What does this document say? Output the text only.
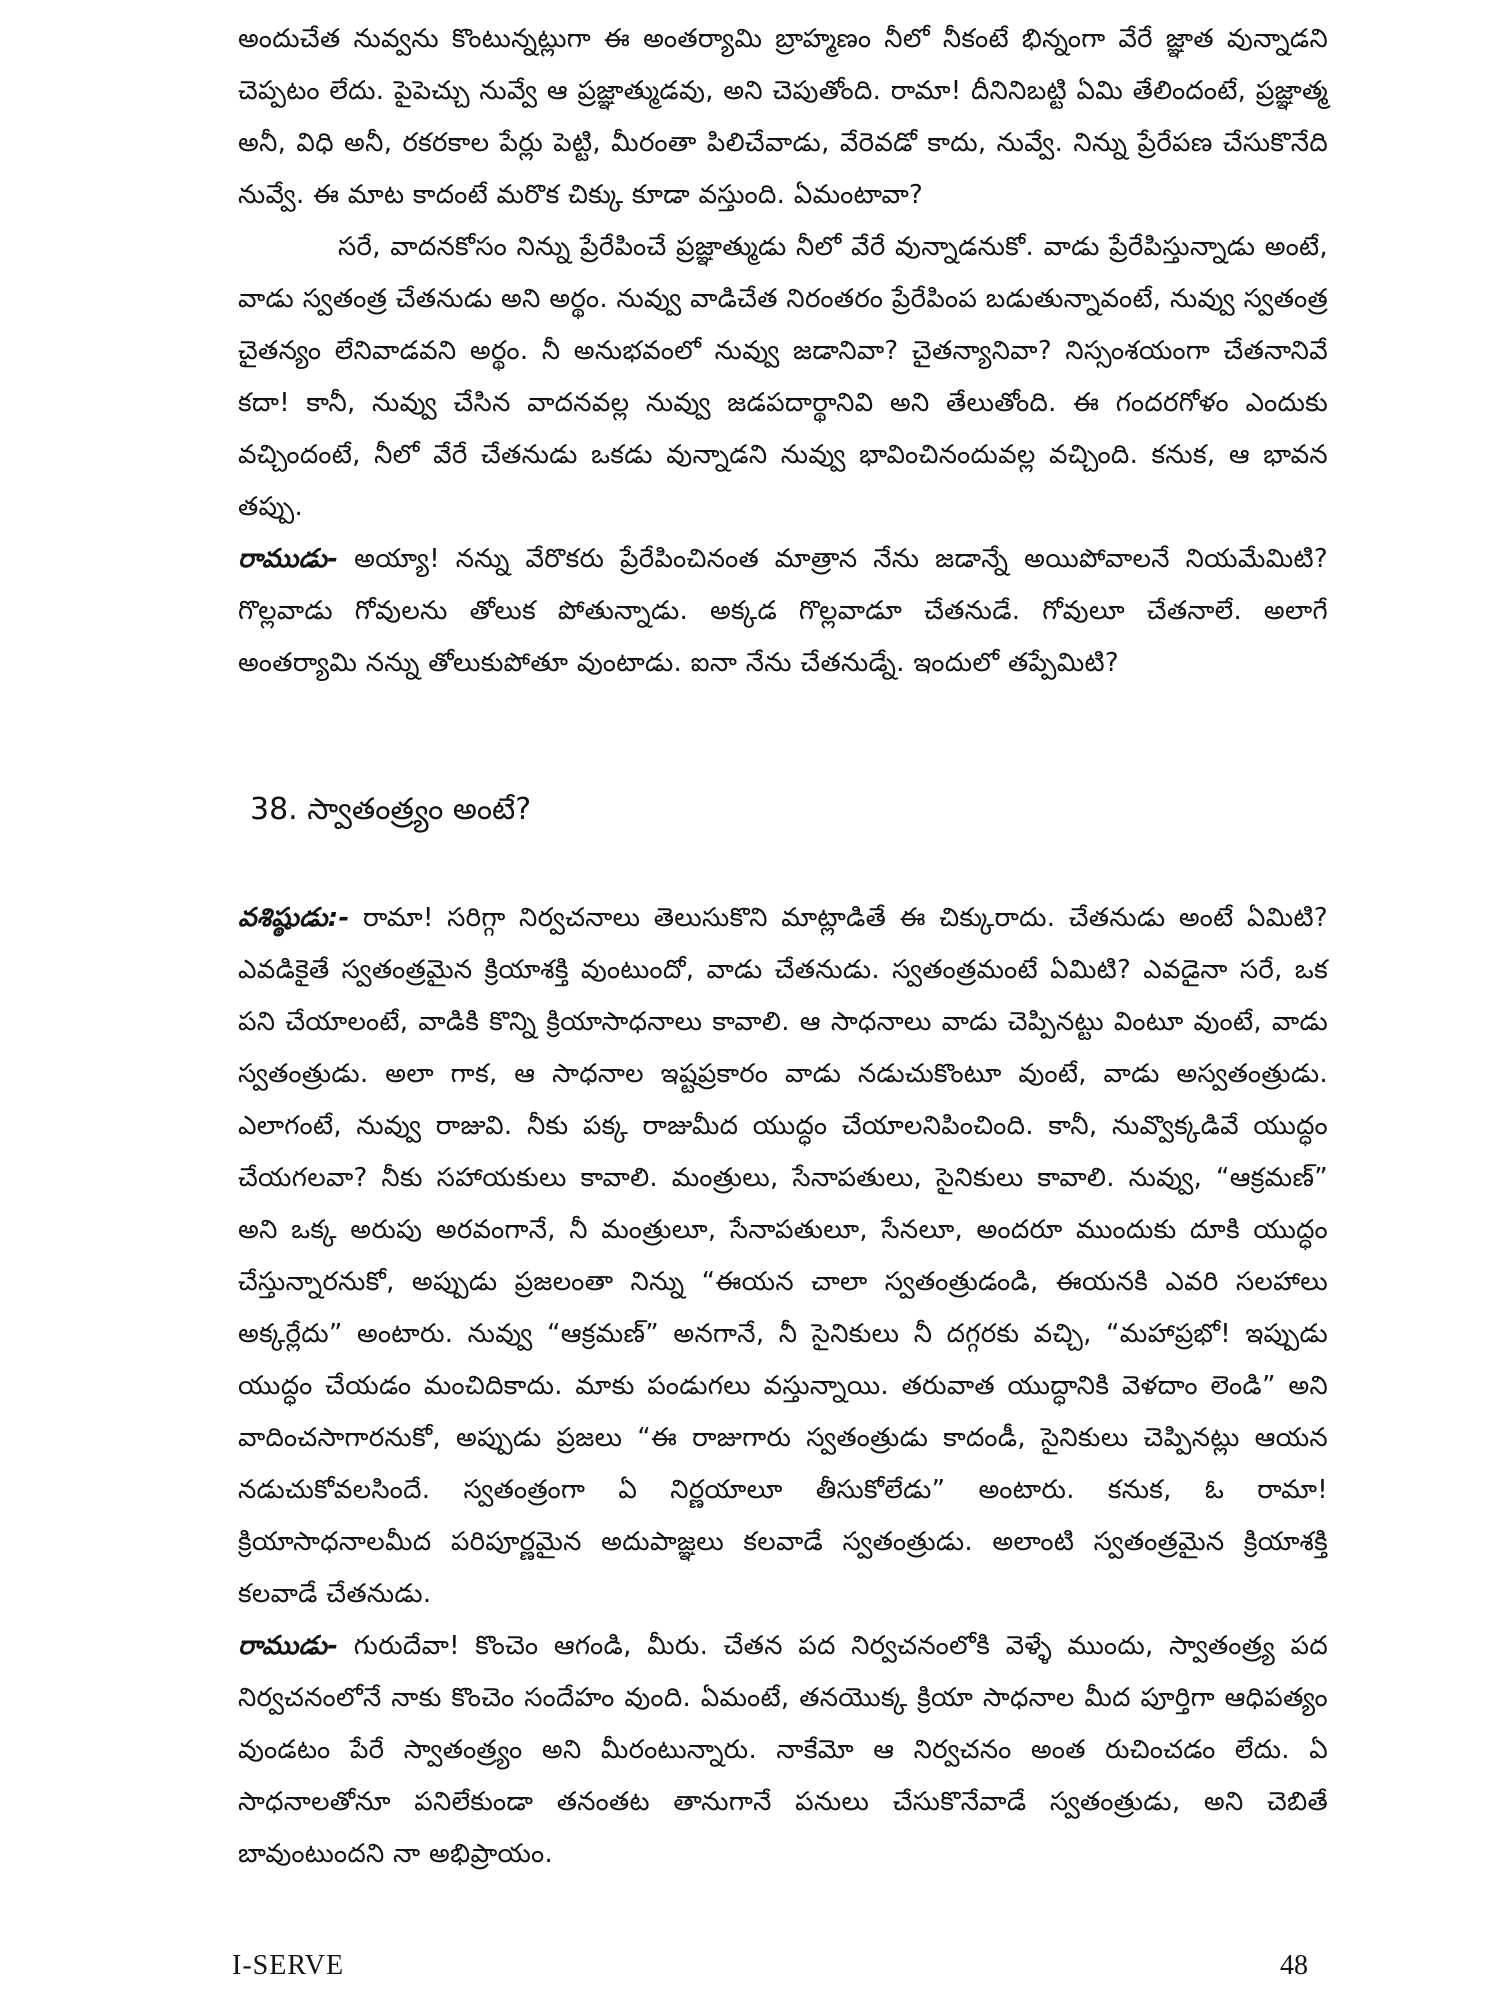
అందుచేత నువ్వను కొంటున్నట్లుగా ఈ అంతర్యామి బ్రాహ్మణం నీలో నీకంటే భిన్నంగా వేరే జ్ఞాత వున్నాడని చెప్పటం లేదు. పైపెచ్చు నువ్వే ఆ ప్రజ్ఞాత్ముడవు, అని చెపుతోంది. రామా! దీనినిబట్టి ఏమి తేలిందంటే, ప్రజ్ఞాత్మ అనీ, విధి అనీ, రకరకాల పేర్లు పెట్టి, మీరంతా పిలిచేవాడు, వేరెవడో కాదు, నువ్వే. నిన్ను ప్రేరేపణ చేసుకొనేది నువ్వే. ఈ మాట కాదంటే మరొక చిక్కు కూడా వస్తుంది. ఏమంటావా?

సరే, వాదనకోసం నిన్ను ప్రేరేపించే ప్రజ్ఞాత్ముడు నీలో వేరే వున్నాడనుకో. వాడు ప్రేరేపిస్తున్నాడు అంటే, వాడు స్వతంత్ర చేతనుడు అని అర్థం. నువ్వు వాడిచేత నిరంతరం ప్రేరేపింప బడుతున్నావంటే, నువ్వు స్వతంత్ర చైతన్యం లేనివాడవని అర్థం. నీ అనుభవంలో నువ్వు జడానివా? చైతన్యానివా? నిస్సంశయంగా చేతనానివే కదా! కానీ, నువ్వు చేసిన వాదనవల్ల నువ్వు జడపదార్థానివి అని తేలుతోంది. ఈ గందరగోళం ఎందుకు వచ్చిందంటే, నీలో వేరే చేతనుడు ఒకడు వున్నాడని నువ్వు భావించినందువల్ల వచ్చింది. కనుక, ఆ భావన తప్పు.

రాముడు- అయ్యా! నన్ను వేరొకరు ప్రేరేపించినంత మాత్రాన నేను జడాన్నే అయిపోవాలనే నియమేమిటి? గొల్లవాడు గోవులను తోలుక పోతున్నాడు. అక్కడ గొల్లవాడూ చేతనుడే. గోవులూ చేతనాలే. అలాగే అంతర్యామి నన్ను తోలుకుపోతూ వుంటాడు. ఐనా నేను చేతనుడ్నే. ఇందులో తప్పేమిటి?

38. స్వాతంత్ర్యం అంటే?

వశిష్ఠుడు:- రామా! సరిగ్గా నిర్వచనాలు తెలుసుకొని మాట్లాడితే ఈ చిక్కురాదు. చేతనుడు అంటే ఏమిటి? ఎవడికైతే స్వతంత్రమైన క్రియాశక్తి వుంటుందో, వాడు చేతనుడు. స్వతంత్రమంటే ఏమిటి? ఎవడైనా సరే, ఒక పని చేయాలంటే, వాడికి కొన్ని క్రియాసాధనాలు కావాలి. ఆ సాధనాలు వాడు చెప్పినట్టు వింటూ వుంటే, వాడు స్వతంత్రుడు. అలా గాక, ఆ సాధనాల ఇష్టప్రకారం వాడు నడుచుకొంటూ వుంటే, వాడు అస్వతంత్రుడు. ఎలాగంటే, నువ్వు రాజువి. నీకు పక్క రాజుమీద యుద్ధం చేయాలనిపించింది. కానీ, నువ్వొక్కడివే యుద్ధం చేయగలవా? నీకు సహాయకులు కావాలి. మంత్రులు, సేనాపతులు, సైనికులు కావాలి. నువ్వు, “ఆక్రమణ్” అని ఒక్క అరుపు అరవంగానే, నీ మంత్రులూ, సేనాపతులూ, సేనలూ, అందరూ ముందుకు దూకి యుద్ధం చేస్తున్నారనుకో, అప్పుడు ప్రజలంతా నిన్ను “ఈయన చాలా స్వతంత్రుడండి, ఈయనకి ఎవరి సలహాలు అక్కర్లేదు” అంటారు. నువ్వు “ఆక్రమణ్” అనగానే, నీ సైనికులు నీ దగ్గరకు వచ్చి, “మహాప్రభో! ఇప్పుడు యుద్ధం చేయడం మంచిదికాదు. మాకు పండుగలు వస్తున్నాయి. తరువాత యుద్ధానికి వెళదాం లెండి” అని వాదించసాగారనుకో, అప్పుడు ప్రజలు “ఈ రాజుగారు స్వతంత్రుడు కాదండీ, సైనికులు చెప్పినట్లు ఆయన నడుచుకోవలసిందే. స్వతంత్రంగా ఏ నిర్ణయాలూ తీసుకోలేడు” అంటారు. కనుక, ఓ రామా! క్రియాసాధనాలమీద పరిపూర్ణమైన అదుపాజ్ఞలు కలవాడే స్వతంత్రుడు. అలాంటి స్వతంత్రమైన క్రియాశక్తి కలవాడే చేతనుడు.

రాముడు- గురుదేవా! కొంచెం ఆగండి, మీరు. చేతన పద నిర్వచనంలోకి వెళ్ళే ముందు, స్వాతంత్ర్య పద నిర్వచనంలోనే నాకు కొంచెం సందేహం వుంది. ఏమంటే, తనయొక్క క్రియా సాధనాల మీద పూర్తిగా ఆధిపత్యం వుండటం పేరే స్వాతంత్ర్యం అని మీరంటున్నారు. నాకేమో ఆ నిర్వచనం అంత రుచించడం లేదు. ఏ సాధనాలతోనూ పనిలేకుండా తనంతట తానుగానే పనులు చేసుకొనేవాడే స్వతంత్రుడు, అని చెబితే బావుంటుందని నా అభిప్రాయం.

I-SERVE	48
